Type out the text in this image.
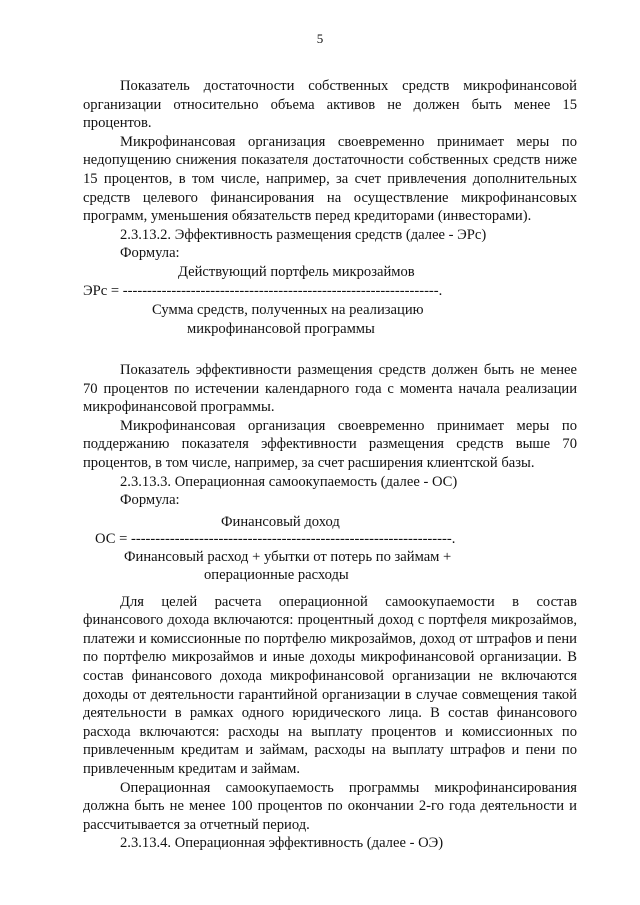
5

Показатель достаточности собственных средств микрофинансовой организации относительно объема активов не должен быть менее 15 процентов.

Микрофинансовая организация своевременно принимает меры по недопущению снижения показателя достаточности собственных средств ниже 15 процентов, в том числе, например, за счет привлечения дополнительных средств целевого финансирования на осуществление микрофинансовых программ, уменьшения обязательств перед кредиторами (инвесторами).

2.3.13.2. Эффективность размещения средств (далее - ЭРс)
Формула:
Действующий портфель микрозаймов
ЭРс = -----------------------------------------------------------------.
Сумма средств, полученных на реализацию
микрофинансовой программы

Показатель эффективности размещения средств должен быть не менее 70 процентов по истечении календарного года с момента начала реализации микрофинансовой программы.

Микрофинансовая организация своевременно принимает меры по поддержанию показателя эффективности размещения средств выше 70 процентов, в том числе, например, за счет расширения клиентской базы.

2.3.13.3. Операционная самоокупаемость (далее - ОС)
Формула:
Финансовый доход
ОС = ------------------------------------------------------------------.
Финансовый расход + убытки от потерь по займам +
операционные расходы

Для целей расчета операционной самоокупаемости в состав финансового дохода включаются: процентный доход с портфеля микрозаймов, платежи и комиссионные по портфелю микрозаймов, доход от штрафов и пени по портфелю микрозаймов и иные доходы микрофинансовой организации. В состав финансового дохода микрофинансовой организации не включаются доходы от деятельности гарантийной организации в случае совмещения такой деятельности в рамках одного юридического лица. В состав финансового расхода включаются: расходы на выплату процентов и комиссионных по привлеченным кредитам и займам, расходы на выплату штрафов и пени по привлеченным кредитам и займам.

Операционная самоокупаемость программы микрофинансирования должна быть не менее 100 процентов по окончании 2-го года деятельности и рассчитывается за отчетный период.

2.3.13.4. Операционная эффективность (далее - ОЭ)
